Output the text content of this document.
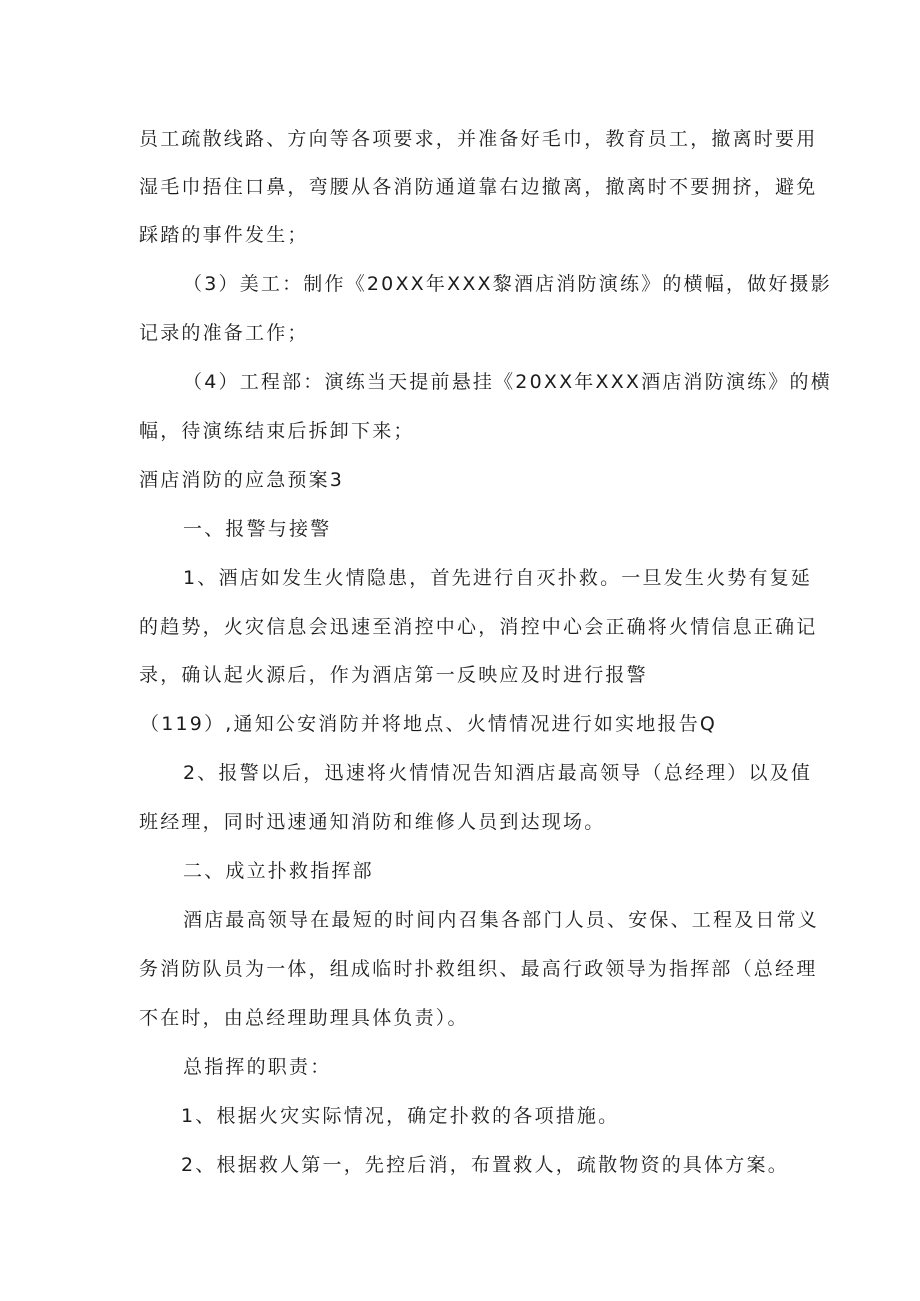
员工疏散线路、方向等各项要求，并准备好毛巾，教育员工，撤离时要用
湿毛巾捂住口鼻，弯腰从各消防通道靠右边撤离，撤离时不要拥挤，避免
踩踏的事件发生；
（3）美工：制作《20XX年XXX黎酒店消防演练》的横幅，做好摄影
记录的准备工作；
（4）工程部：演练当天提前悬挂《20XX年XXX酒店消防演练》的横
幅，待演练结束后拆卸下来；
酒店消防的应急预案3
一、报警与接警
1、酒店如发生火情隐患，首先进行自灭扑救。一旦发生火势有复延
的趋势，火灾信息会迅速至消控中心，消控中心会正确将火情信息正确记
录，确认起火源后，作为酒店第一反映应及时进行报警
（119）,通知公安消防并将地点、火情情况进行如实地报告Q
2、报警以后，迅速将火情情况告知酒店最高领导（总经理）以及值
班经理，同时迅速通知消防和维修人员到达现场。
二、成立扑救指挥部
酒店最高领导在最短的时间内召集各部门人员、安保、工程及日常义
务消防队员为一体，组成临时扑救组织、最高行政领导为指挥部（总经理
不在时，由总经理助理具体负责）。
总指挥的职责：
1、根据火灾实际情况，确定扑救的各项措施。
2、根据救人第一，先控后消，布置救人，疏散物资的具体方案。
